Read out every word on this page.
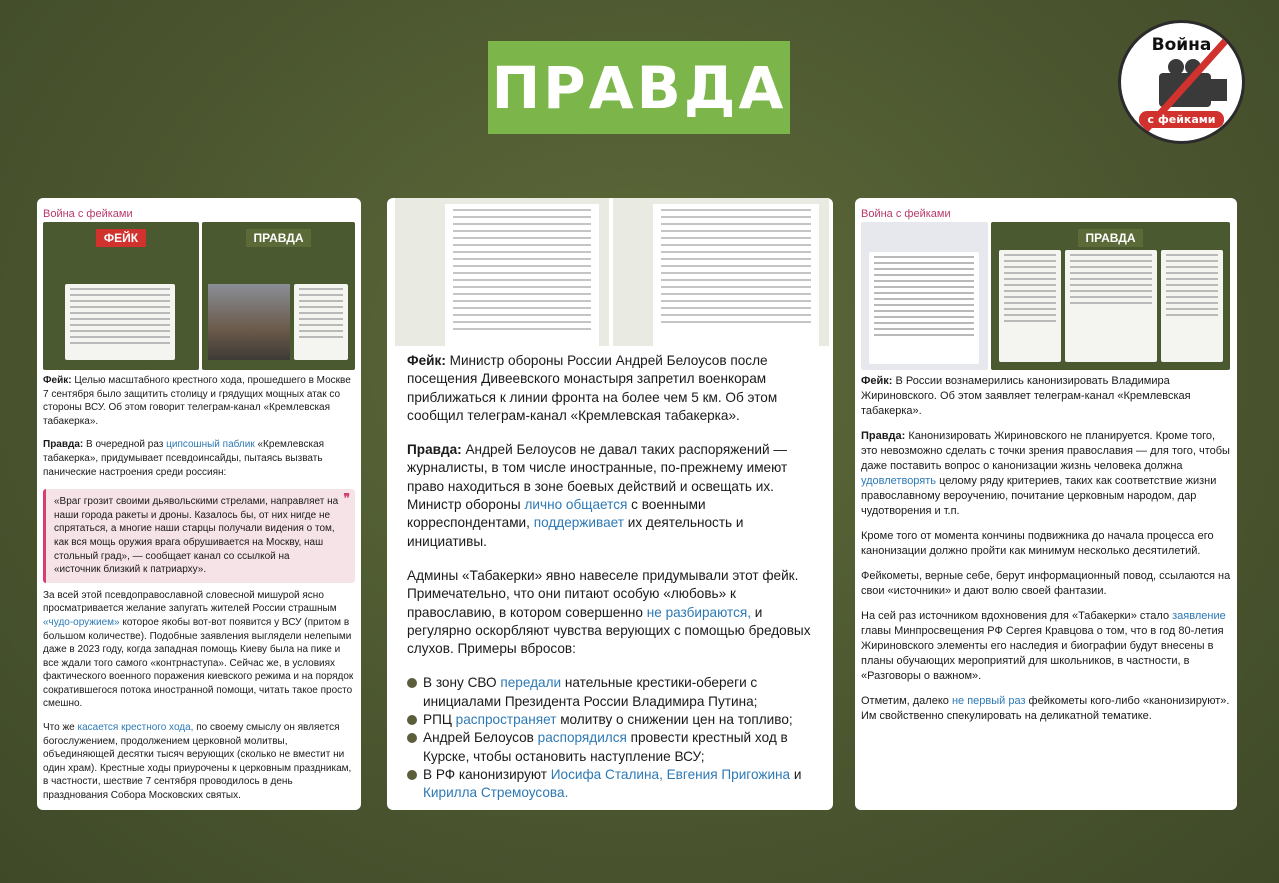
ПРАВДА
Война
с фейками
Война с фейками
ФЕЙК	ПРАВДА

Фейк: Целью масштабного крестного хода, прошедшего в Москве 7 сентября было защитить столицу и грядущих мощных атак со стороны ВСУ. Об этом говорит телеграм-канал «Кремлевская табакерка».

Правда: В очередной раз ципсошный паблик «Кремлевская табакерка», придумывает псевдоинсайды, пытаясь вызвать панические настроения среди россиян:

«Враг грозит своими дьявольскими стрелами, направляет на наши города ракеты и дроны. Казалось бы, от них нигде не спрятаться, а многие наши старцы получали видения о том, как вся мощь оружия врага обрушивается на Москву, наш стольный град», — сообщает канал со ссылкой на «источник близкий к патриарху».
❞

За всей этой псевдоправославной словесной мишурой ясно просматривается желание запугать жителей России страшным «чудо-оружием» которое якобы вот-вот появится у ВСУ (притом в большом количестве). Подобные заявления выглядели нелепыми даже в 2023 году, когда западная помощь Киеву была на пике и все ждали того самого «контрнаступа». Сейчас же, в условиях фактического военного поражения киевского режима и на порядок сократившегося потока иностранной помощи, читать такое просто смешно.

Что же касается крестного хода, по своему смыслу он является богослужением, продолжением церковной молитвы, объединяющей десятки тысяч верующих (сколько не вместит ни один храм). Крестные ходы приурочены к церковным праздникам, в частности, шествие 7 сентября проводилось в день празднования Собора Московских святых.

Фейк: Министр обороны России Андрей Белоусов после посещения Дивеевского монастыря запретил военкорам приближаться к линии фронта на более чем 5 км. Об этом сообщил телеграм-канал «Кремлевская табакерка».

Правда: Андрей Белоусов не давал таких распоряжений — журналисты, в том числе иностранные, по-прежнему имеют право находиться в зоне боевых действий и освещать их. Министр обороны лично общается с военными корреспондентами, поддерживает их деятельность и инициативы.

Админы «Табакерки» явно навеселе придумывали этот фейк. Примечательно, что они питают особую «любовь» к православию, в котором совершенно не разбираются, и регулярно оскорбляют чувства верующих с помощью бредовых слухов. Примеры вбросов:

В зону СВО передали нательные крестики-обереги с инициалами Президента России Владимира Путина;
РПЦ распространяет молитву о снижении цен на топливо;
Андрей Белоусов распорядился провести крестный ход в Курске, чтобы остановить наступление ВСУ;
В РФ канонизируют Иосифа Сталина, Евгения Пригожина и Кирилла Стремоусова.
Война с фейками
ПРАВДА

Фейк: В России вознамерились канонизировать Владимира Жириновского. Об этом заявляет телеграм-канал «Кремлевская табакерка».

Правда: Канонизировать Жириновского не планируется. Кроме того, это невозможно сделать с точки зрения православия — для того, чтобы даже поставить вопрос о канонизации жизнь человека должна удовлетворять целому ряду критериев, таких как соответствие жизни православному вероучению, почитание церковным народом, дар чудотворения и т.п.

Кроме того от момента кончины подвижника до начала процесса его канонизации должно пройти как минимум несколько десятилетий.

Фейкометы, верные себе, берут информационный повод, ссылаются на свои «источники» и дают волю своей фантазии.

На сей раз источником вдохновения для «Табакерки» стало заявление главы Минпросвещения РФ Сергея Кравцова о том, что в год 80-летия Жириновского элементы его наследия и биографии будут внесены в планы обучающих мероприятий для школьников, в частности, в «Разговоры о важном».

Отметим, далеко не первый раз фейкометы кого-либо «канонизируют». Им свойственно спекулировать на деликатной тематике.
